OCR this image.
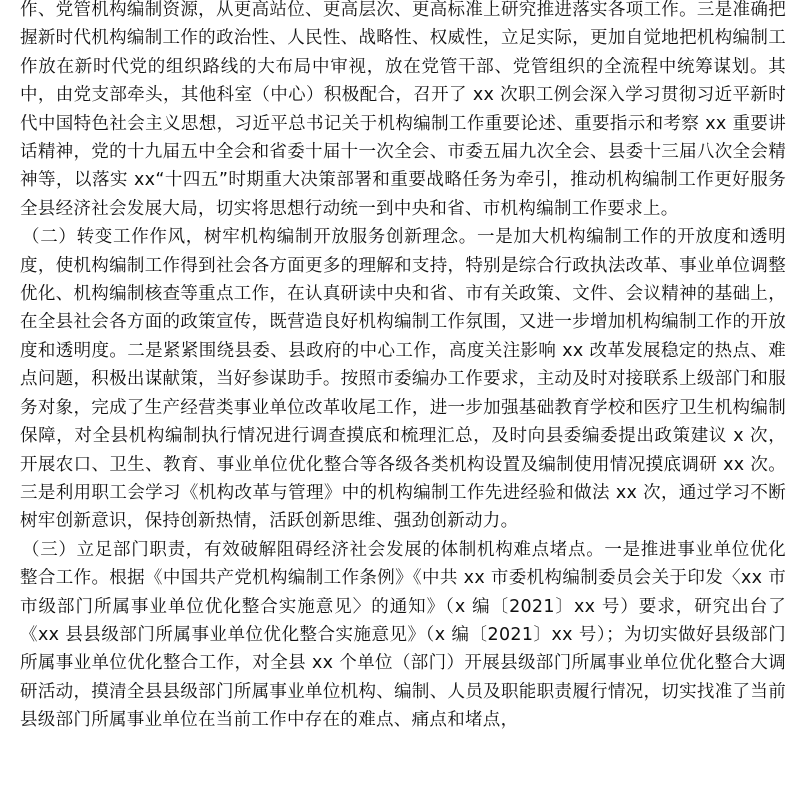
作、党管机构编制资源，从更高站位、更高层次、更高标准上研究推进落实各项工作。三是准确把握新时代机构编制工作的政治性、人民性、战略性、权威性，立足实际，更加自觉地把机构编制工作放在新时代党的组织路线的大布局中审视，放在党管干部、党管组织的全流程中统筹谋划。其中，由党支部牵头，其他科室（中心）积极配合，召开了 xx 次职工例会深入学习贯彻习近平新时代中国特色社会主义思想，习近平总书记关于机构编制工作重要论述、重要指示和考察 xx 重要讲话精神，党的十九届五中全会和省委十届十一次全会、市委五届九次全会、县委十三届八次全会精神等，以落实 xx“十四五”时期重大决策部署和重要战略任务为牵引，推动机构编制工作更好服务全县经济社会发展大局，切实将思想行动统一到中央和省、市机构编制工作要求上。

（二）转变工作作风，树牢机构编制开放服务创新理念。一是加大机构编制工作的开放度和透明度，使机构编制工作得到社会各方面更多的理解和支持，特别是综合行政执法改革、事业单位调整优化、机构编制核查等重点工作，在认真研读中央和省、市有关政策、文件、会议精神的基础上，在全县社会各方面的政策宣传，既营造良好机构编制工作氛围，又进一步增加机构编制工作的开放度和透明度。二是紧紧围绕县委、县政府的中心工作，高度关注影响 xx 改革发展稳定的热点、难点问题，积极出谋献策，当好参谋助手。按照市委编办工作要求，主动及时对接联系上级部门和服务对象，完成了生产经营类事业单位改革收尾工作，进一步加强基础教育学校和医疗卫生机构编制保障，对全县机构编制执行情况进行调查摸底和梳理汇总，及时向县委编委提出政策建议 x 次，开展农口、卫生、教育、事业单位优化整合等各级各类机构设置及编制使用情况摸底调研 xx 次。三是利用职工会学习《机构改革与管理》中的机构编制工作先进经验和做法 xx 次，通过学习不断树牢创新意识，保持创新热情，活跃创新思维、强劲创新动力。

（三）立足部门职责，有效破解阻碍经济社会发展的体制机构难点堵点。一是推进事业单位优化整合工作。根据《中国共产党机构编制工作条例》《中共 xx 市委机构编制委员会关于印发〈xx 市市级部门所属事业单位优化整合实施意见〉的通知》（x 编〔2021〕xx 号）要求，研究出台了《xx 县县级部门所属事业单位优化整合实施意见》（x 编〔2021〕xx 号）；为切实做好县级部门所属事业单位优化整合工作，对全县 xx 个单位（部门）开展县级部门所属事业单位优化整合大调研活动，摸清全县县级部门所属事业单位机构、编制、人员及职能职责履行情况，切实找准了当前县级部门所属事业单位在当前工作中存在的难点、痛点和堵点，
